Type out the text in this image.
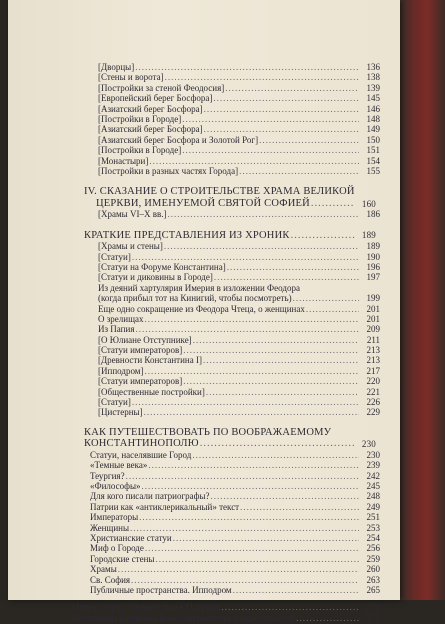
[Дворцы] .....	136
[Стены и ворота] .....	138
[Постройки за стеной Феодосия] .....	139
[Европейский берег Босфора] .....	145
[Азиатский берег Босфора] .....	146
[Постройки в Городе] .....	148
[Азиатский берег Босфора] .....	149
[Азиатский берег Босфора и Золотой Рог] .....	150
[Постройки в Городе] .....	151
[Монастыри] .....	154
[Постройки в разных частях Города] .....	155
IV. СКАЗАНИЕ О СТРОИТЕЛЬСТВЕ ХРАМА ВЕЛИКОЙ
ЦЕРКВИ, ИМЕНУЕМОЙ СВЯТОЙ СОФИЕЙ .....	160
[Храмы VI–X вв.] .....	186
КРАТКИЕ ПРЕДСТАВЛЕНИЯ ИЗ ХРОНИК .....	189
[Храмы и стены] .....	189
[Статуи] .....	190
[Статуи на Форуме Константина] .....	196
[Статуи и диковины в Городе] .....	197
Из деяний хартулярия Имерия в изложении Феодора
(когда прибыл тот на Кинигий, чтобы посмотреть) .....	199
Еще одно сокращение из Феодора Чтеца, о женщинах .....	201
О зрелищах .....	201
Из Папия .....	209
[О Юлиане Отступнике] .....	211
[Статуи императоров] .....	213
[Древности Константина I] .....	213
[Ипподром] .....	217
[Статуи императоров] .....	220
[Общественные постройки] .....	221
[Статуи] .....	226
[Цистерны] .....	229
КАК ПУТЕШЕСТВОВАТЬ ПО ВООБРАЖАЕМОМУ
КОНСТАНТИНОПОЛЮ .....	230
Статуи, населявшие Город .....	230
«Темные века» .....	239
Теургия? .....	242
«Философы» .....	245
Для кого писали патриографы? .....	248
Патрии как «антиклерикальный» текст .....	249
Императоры .....	251
Женщины .....	253
Христианские статуи .....	254
Миф о Городе .....	256
Городские стены .....	259
Храмы .....	260
Св. София .....	263
Публичные пространства. Ипподром .....	265
Императоры, упомянутые в Патриях .....	273
Постройки и районы Константинополя и окрестностей .....	275
